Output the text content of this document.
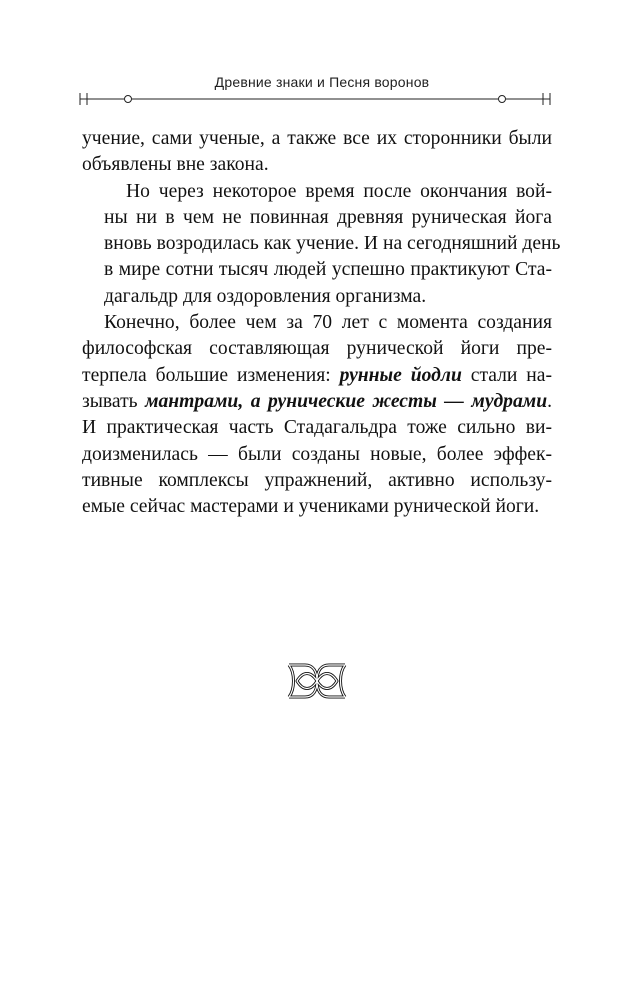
Древние знаки и Песня воронов

учение, сами ученые, а также все их сторонники были
объявлены вне закона.

Но через некоторое время после окончания вой-
ны ни в чем не повинная древняя руническая йога
вновь возродилась как учение. И на сегодняшний день
в мире сотни тысяч людей успешно практикуют Ста-
дагальдр для оздоровления организма.

Конечно, более чем за 70 лет с момента создания
философская составляющая рунической йоги пре-
терпела большие изменения: рунные йодли стали на-
зывать мантрами, а рунические жесты — мудрами.
И практическая часть Стадагальдра тоже сильно ви-
доизменилась — были созданы новые, более эффек-
тивные комплексы упражнений, активно использу-
емые сейчас мастерами и учениками рунической йоги.
